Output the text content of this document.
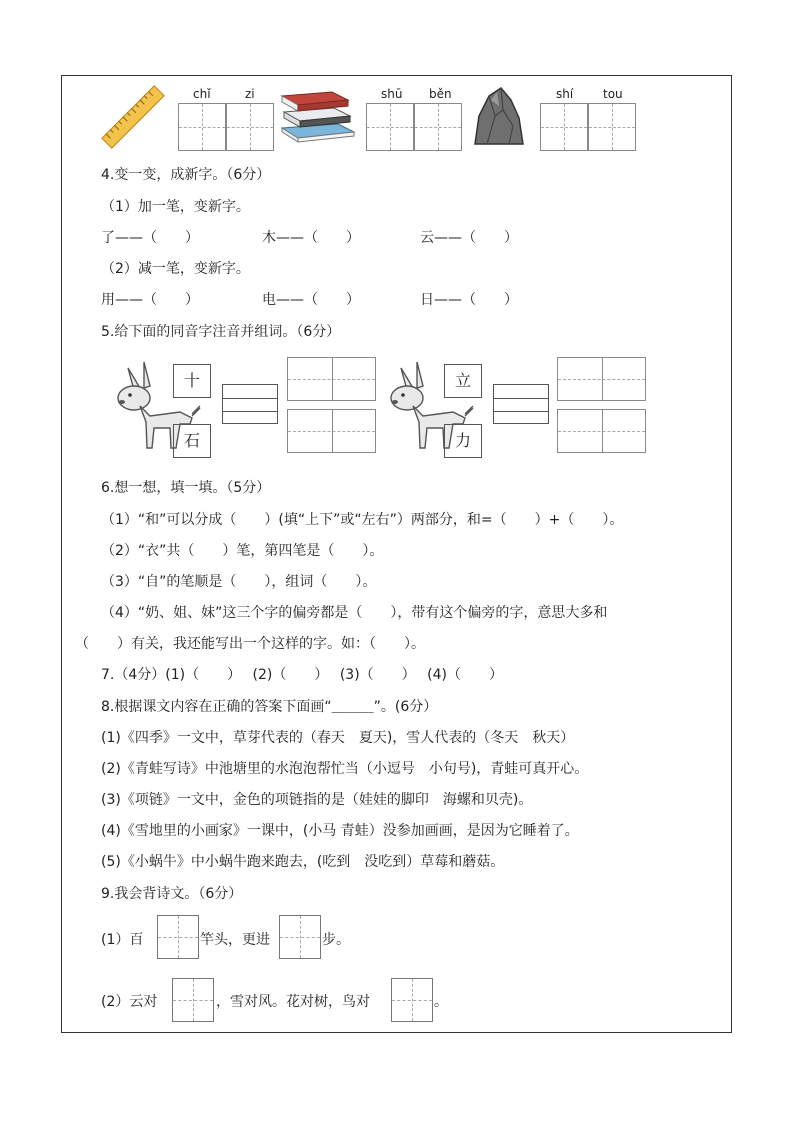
chǐ	zi	shū běn	shí tou
4.变一变，成新字。（6分）
（1）加一笔，变新字。
了——（　　）	木——（　　）	云——（　　）
（2）减一笔，变新字。
用——（　　）	电——（　　）	日——（　　）
5.给下面的同音字注音并组词。（6分）
十
石
立
力
6.想一想，填一填。（5分）
（1）“和”可以分成（　　）(填“上下”或“左右”）两部分，和=（　　）+（　　）。
（2）“衣”共（　　）笔，第四笔是（　　）。
（3）“自”的笔顺是（　　），组词（　　）。
（4）“奶、姐、妹”这三个字的偏旁都是（　　），带有这个偏旁的字，意思大多和
（　　）有关，我还能写出一个这样的字。如：（　　）。
7.（4分）(1)（　　）　 (2)（　　）　 (3)（　　）　 (4)（　　）
8.根据课文内容在正确的答案下面画“＿＿＿”。(6分）
(1)《四季》一文中，草芽代表的（春天　夏天)，雪人代表的（冬天　秋天）
(2)《青蛙写诗》中池塘里的水泡泡帮忙当（小逗号　小句号)，青蛙可真开心。
(3)《项链》一文中，金色的项链指的是（娃娃的脚印　海螺和贝壳)。
(4)《雪地里的小画家》一课中，(小马 青蛙）没参加画画，是因为它睡着了。
(5)《小蜗牛》中小蜗牛跑来跑去，(吃到　没吃到）草莓和蘑菇。
9.我会背诗文。（6分）
(1）百	竿头，更进	步。
(2）云对	，雪对风。花对树，鸟对	。
